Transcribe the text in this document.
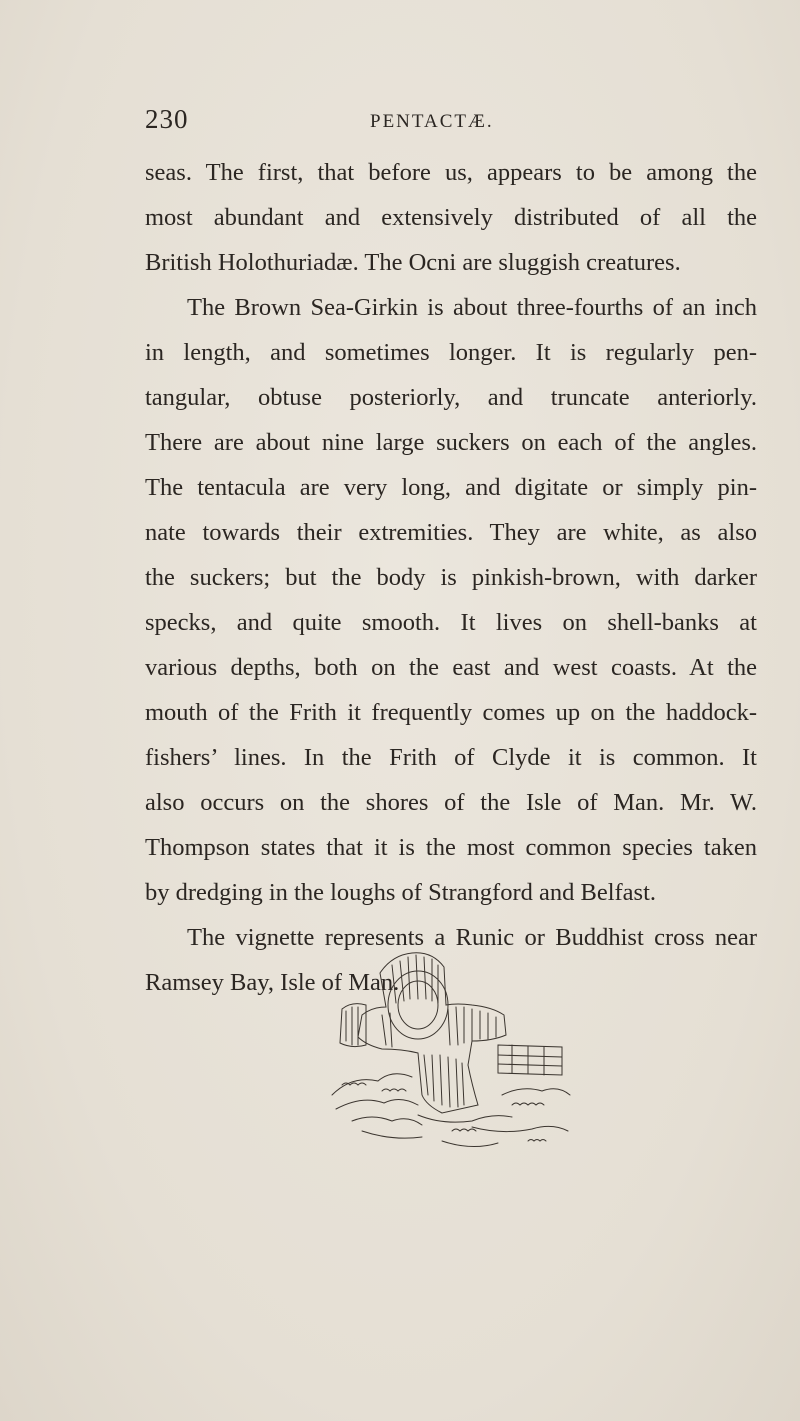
230	PENTACTÆ.
seas. The first, that before us, appears to be among the
most abundant and extensively distributed of all the
British Holothuriadæ. The Ocni are sluggish creatures.
The Brown Sea-Girkin is about three-fourths of an inch
in length, and sometimes longer. It is regularly pen-
tangular, obtuse posteriorly, and truncate anteriorly.
There are about nine large suckers on each of the angles.
The tentacula are very long, and digitate or simply pin-
nate towards their extremities. They are white, as also
the suckers; but the body is pinkish-brown, with darker
specks, and quite smooth. It lives on shell-banks at
various depths, both on the east and west coasts. At the
mouth of the Frith it frequently comes up on the haddock-
fishers’ lines. In the Frith of Clyde it is common. It
also occurs on the shores of the Isle of Man. Mr. W.
Thompson states that it is the most common species taken
by dredging in the loughs of Strangford and Belfast.
The vignette represents a Runic or Buddhist cross near
Ramsey Bay, Isle of Man.
